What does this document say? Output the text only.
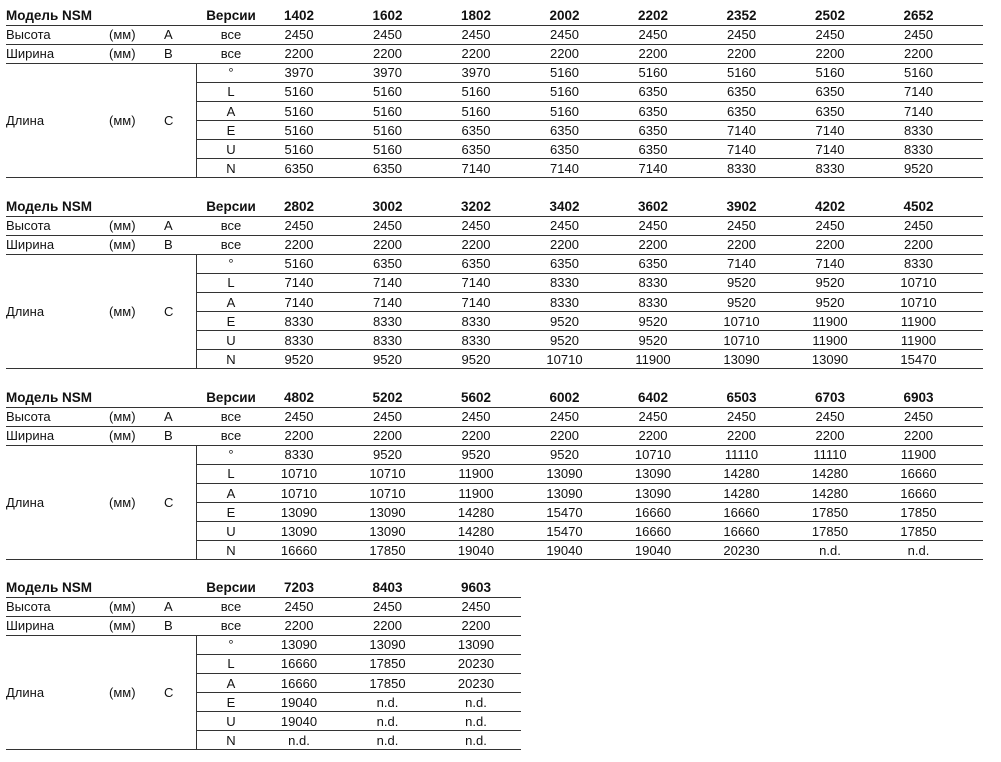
Модель NSM	Версии	1402	1602	1802	2002	2202	2352	2502	2652
Высота	(мм) A	все	2450	2450	2450	2450	2450	2450	2450	2450
Ширина	(мм) B	все	2200	2200	2200	2200	2200	2200	2200	2200
Длина	(мм) C
°	3970	3970	3970	5160	5160	5160	5160	5160
L	5160	5160	5160	5160	6350	6350	6350	7140
A	5160	5160	5160	5160	6350	6350	6350	7140
E	5160	5160	6350	6350	6350	7140	7140	8330
U	5160	5160	6350	6350	6350	7140	7140	8330
N	6350	6350	7140	7140	7140	8330	8330	9520
Модель NSM	Версии	2802	3002	3202	3402	3602	3902	4202	4502
Высота	(мм) A	все	2450	2450	2450	2450	2450	2450	2450	2450
Ширина	(мм) B	все	2200	2200	2200	2200	2200	2200	2200	2200
Длина	(мм) C
°	5160	6350	6350	6350	6350	7140	7140	8330
L	7140	7140	7140	8330	8330	9520	9520	10710
A	7140	7140	7140	8330	8330	9520	9520	10710
E	8330	8330	8330	9520	9520	10710	11900	11900
U	8330	8330	8330	9520	9520	10710	11900	11900
N	9520	9520	9520	10710	11900	13090	13090	15470
Модель NSM	Версии	4802	5202	5602	6002	6402	6503	6703	6903
Высота	(мм) A	все	2450	2450	2450	2450	2450	2450	2450	2450
Ширина	(мм) B	все	2200	2200	2200	2200	2200	2200	2200	2200
Длина	(мм) C
°	8330	9520	9520	9520	10710	11110	11110	11900
L	10710	10710	11900	13090	13090	14280	14280	16660
A	10710	10710	11900	13090	13090	14280	14280	16660
E	13090	13090	14280	15470	16660	16660	17850	17850
U	13090	13090	14280	15470	16660	16660	17850	17850
N	16660	17850	19040	19040	19040	20230	n.d.	n.d.
Модель NSM	Версии	7203	8403	9603
Высота	(мм) A	все	2450	2450	2450
Ширина	(мм) B	все	2200	2200	2200
Длина	(мм) C
°	13090	13090	13090
L	16660	17850	20230
A	16660	17850	20230
E	19040	n.d.	n.d.
U	19040	n.d.	n.d.
N	n.d.	n.d.	n.d.
